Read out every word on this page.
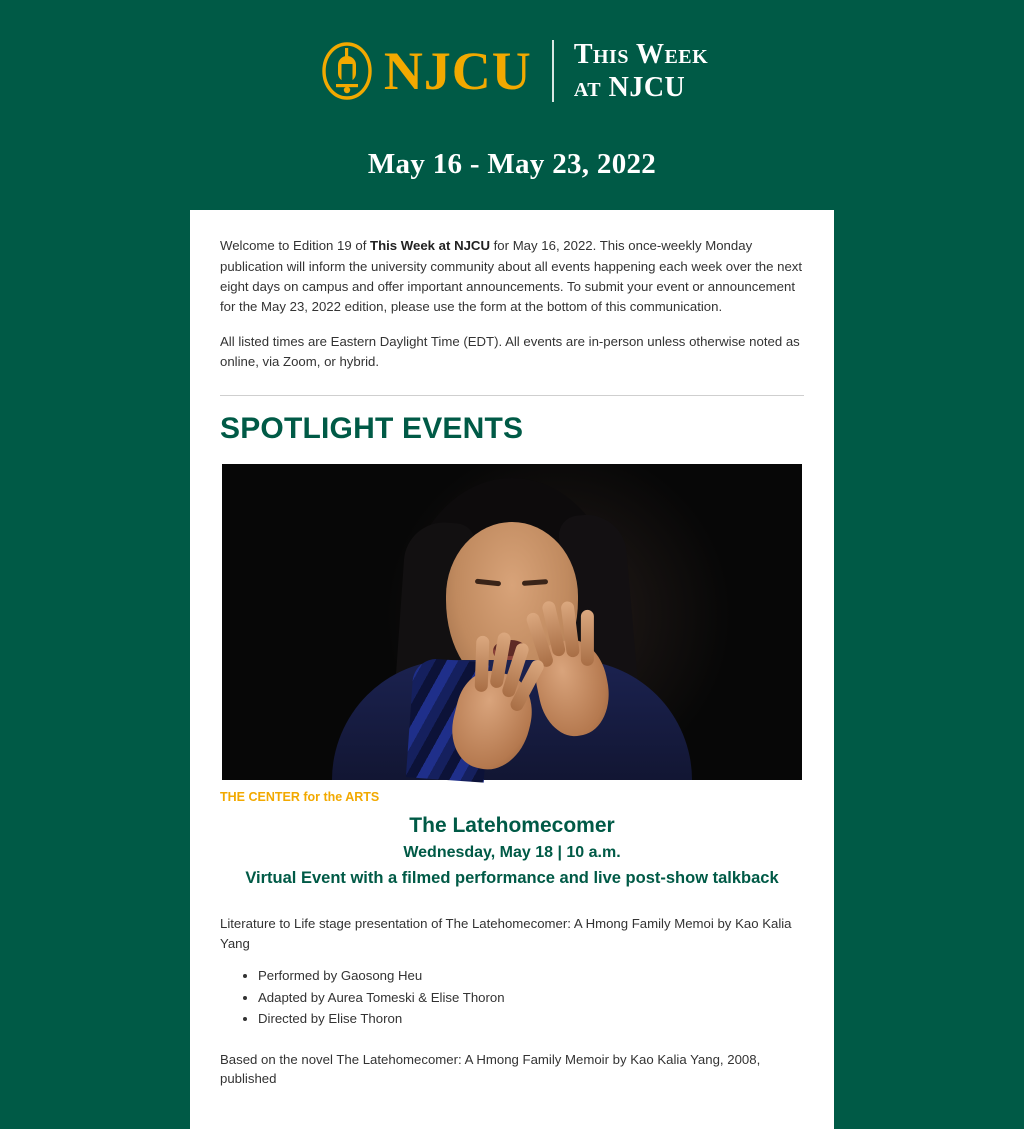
NJCU This Week
at NJCU
May 16 - May 23, 2022

Welcome to Edition 19 of This Week at NJCU for May 16, 2022. This once-weekly Monday publication will inform the university community about all events happening each week over the next eight days on campus and offer important announcements. To submit your event or announcement for the May 23, 2022 edition, please use the form at the bottom of this communication.

All listed times are Eastern Daylight Time (EDT). All events are in-person unless otherwise noted as online, via Zoom, or hybrid.

SPOTLIGHT EVENTS
THE CENTER for the ARTS
The Latehomecomer
Wednesday, May 18 | 10 a.m.
Virtual Event with a filmed performance and live post-show talkback

Literature to Life stage presentation of The Latehomecomer: A Hmong Family Memoi by Kao Kalia Yang

• Performed by Gaosong Heu
• Adapted by Aurea Tomeski & Elise Thoron
• Directed by Elise Thoron

Based on the novel The Latehomecomer: A Hmong Family Memoir by Kao Kalia Yang, 2008, published
